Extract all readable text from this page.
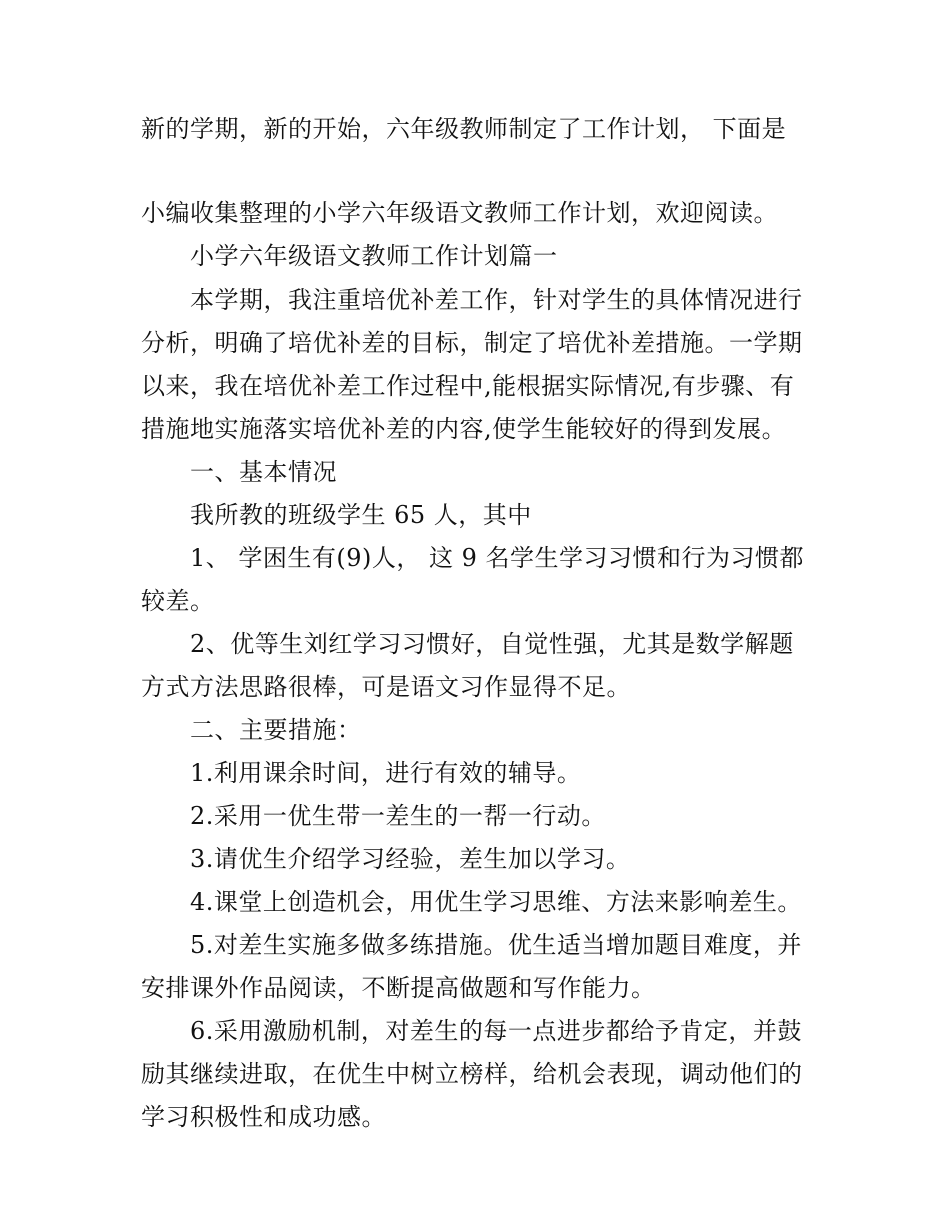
新的学期，新的开始，六年级教师制定了工作计划， 下面是
小编收集整理的小学六年级语文教师工作计划，欢迎阅读。
小学六年级语文教师工作计划篇一
本学期，我注重培优补差工作，针对学生的具体情况进行
分析，明确了培优补差的目标，制定了培优补差措施。一学期
以来，我在培优补差工作过程中,能根据实际情况,有步骤、有
措施地实施落实培优补差的内容,使学生能较好的得到发展。
一、基本情况
我所教的班级学生 65 人，其中
1、 学困生有(9)人， 这 9 名学生学习习惯和行为习惯都
较差。
2、优等生刘红学习习惯好，自觉性强，尤其是数学解题
方式方法思路很棒，可是语文习作显得不足。
二、主要措施：
1.利用课余时间，进行有效的辅导。
2.采用一优生带一差生的一帮一行动。
3.请优生介绍学习经验，差生加以学习。
4.课堂上创造机会，用优生学习思维、方法来影响差生。
5.对差生实施多做多练措施。优生适当增加题目难度，并
安排课外作品阅读，不断提高做题和写作能力。
6.采用激励机制，对差生的每一点进步都给予肯定，并鼓
励其继续进取，在优生中树立榜样，给机会表现，调动他们的
学习积极性和成功感。
